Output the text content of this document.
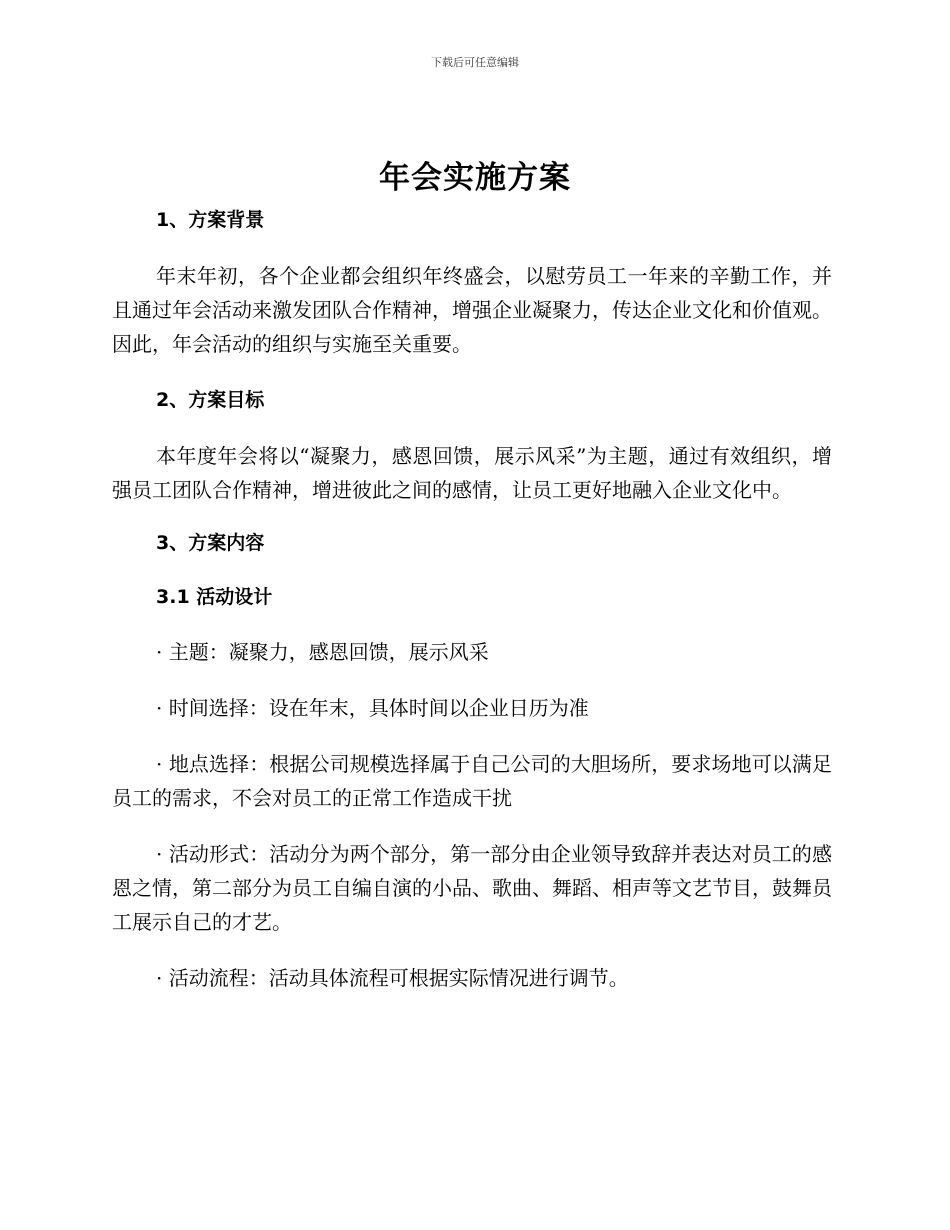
下载后可任意编辑
年会实施方案
1、方案背景
年末年初，各个企业都会组织年终盛会，以慰劳员工一年来的辛勤工作，并且通过年会活动来激发团队合作精神，增强企业凝聚力，传达企业文化和价值观。因此，年会活动的组织与实施至关重要。
2、方案目标
本年度年会将以“凝聚力，感恩回馈，展示风采”为主题，通过有效组织，增强员工团队合作精神，增进彼此之间的感情，让员工更好地融入企业文化中。
3、方案内容
3.1 活动设计
· 主题：凝聚力，感恩回馈，展示风采
· 时间选择：设在年末，具体时间以企业日历为准
· 地点选择：根据公司规模选择属于自己公司的大胆场所，要求场地可以满足员工的需求，不会对员工的正常工作造成干扰
· 活动形式：活动分为两个部分，第一部分由企业领导致辞并表达对员工的感恩之情，第二部分为员工自编自演的小品、歌曲、舞蹈、相声等文艺节目，鼓舞员工展示自己的才艺。
· 活动流程：活动具体流程可根据实际情况进行调节。
